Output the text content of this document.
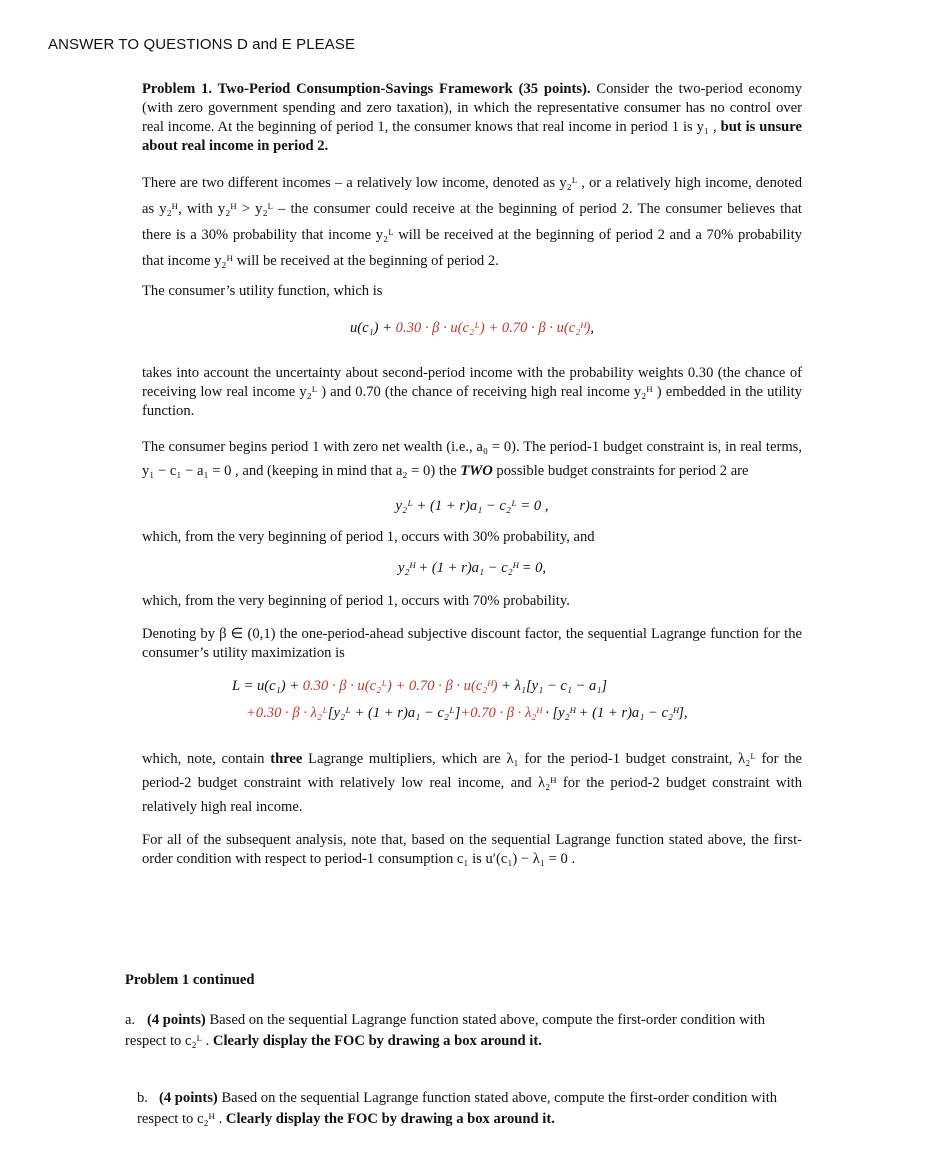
ANSWER TO QUESTIONS D and E PLEASE

Problem 1. Two-Period Consumption-Savings Framework (35 points). Consider the two-period economy (with zero government spending and zero taxation), in which the representative consumer has no control over real income. At the beginning of period 1, the consumer knows that real income in period 1 is y₁ , but is unsure about real income in period 2.

There are two different incomes – a relatively low income, denoted as y₂ᴸ , or a relatively high income, denoted as y₂ᴴ, with y₂ᴴ > y₂ᴸ – the consumer could receive at the beginning of period 2. The consumer believes that there is a 30% probability that income y₂ᴸ will be received at the beginning of period 2 and a 70% probability that income y₂ᴴ will be received at the beginning of period 2.

The consumer’s utility function, which is

u(c₁) + 0.30 · β · u(c₂ᴸ) + 0.70 · β · u(c₂ᴴ),

takes into account the uncertainty about second-period income with the probability weights 0.30 (the chance of receiving low real income y₂ᴸ ) and 0.70 (the chance of receiving high real income y₂ᴴ ) embedded in the utility function.

The consumer begins period 1 with zero net wealth (i.e., a₀ = 0). The period-1 budget constraint is, in real terms, y₁ − c₁ − a₁ = 0 , and (keeping in mind that a₂ = 0) the TWO possible budget constraints for period 2 are

y₂ᴸ + (1 + r)a₁ − c₂ᴸ = 0 ,

which, from the very beginning of period 1, occurs with 30% probability, and

y₂ᴴ + (1 + r)a₁ − c₂ᴴ = 0,

which, from the very beginning of period 1, occurs with 70% probability.

Denoting by β ∈ (0,1) the one-period-ahead subjective discount factor, the sequential Lagrange function for the consumer’s utility maximization is

L = u(c₁) + 0.30 · β · u(c₂ᴸ) + 0.70 · β · u(c₂ᴴ) + λ₁[y₁ − c₁ − a₁]

+0.30 · β · λ₂ᴸ[y₂ᴸ + (1 + r)a₁ − c₂ᴸ]+0.70 · β · λ₂ᴴ · [y₂ᴴ + (1 + r)a₁ − c₂ᴴ],

which, note, contain three Lagrange multipliers, which are λ₁ for the period-1 budget constraint, λ₂ᴸ for the period-2 budget constraint with relatively low real income, and λ₂ᴴ for the period-2 budget constraint with relatively high real income.

For all of the subsequent analysis, note that, based on the sequential Lagrange function stated above, the first-order condition with respect to period-1 consumption c₁ is u′(c₁) − λ₁ = 0 .

Problem 1 continued
a. (4 points) Based on the sequential Lagrange function stated above, compute the first-order condition with respect to c₂ᴸ . Clearly display the FOC by drawing a box around it.
b. (4 points) Based on the sequential Lagrange function stated above, compute the first-order condition with respect to c₂ᴴ . Clearly display the FOC by drawing a box around it.
